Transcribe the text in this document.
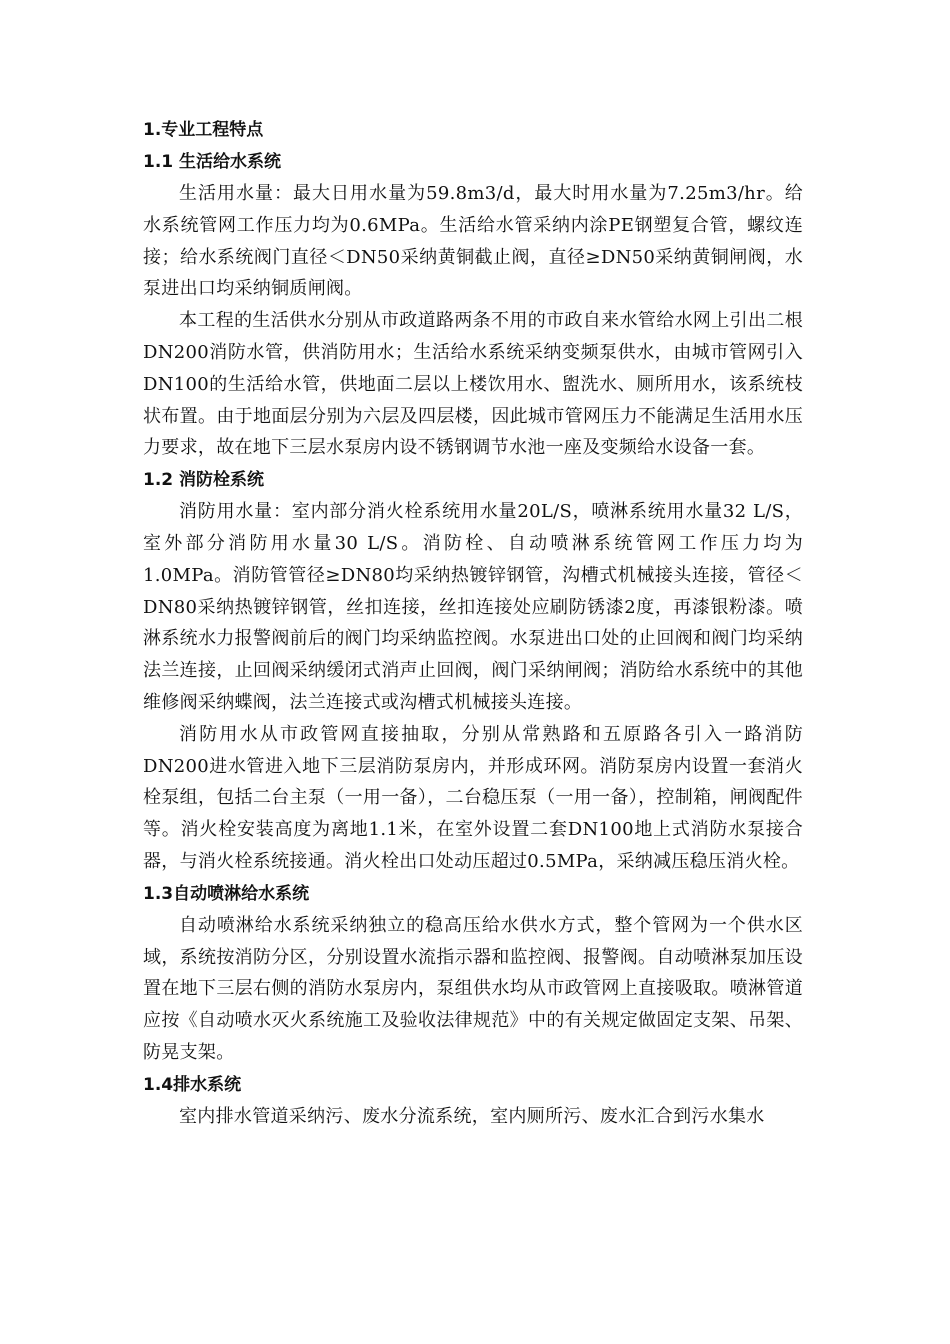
1.专业工程特点
1.1 生活给水系统

生活用水量：最大日用水量为59.8m3/d，最大时用水量为7.25m3/hr。给水系统管网工作压力均为0.6MPa。生活给水管采纳内涂PE钢塑复合管，螺纹连接；给水系统阀门直径＜DN50采纳黄铜截止阀，直径≥DN50采纳黄铜闸阀，水泵进出口均采纳铜质闸阀。

本工程的生活供水分别从市政道路两条不用的市政自来水管给水网上引出二根DN200消防水管，供消防用水；生活给水系统采纳变频泵供水，由城市管网引入DN100的生活给水管，供地面二层以上楼饮用水、盥洗水、厕所用水，该系统枝状布置。由于地面层分别为六层及四层楼，因此城市管网压力不能满足生活用水压力要求，故在地下三层水泵房内设不锈钢调节水池一座及变频给水设备一套。

1.2 消防栓系统

消防用水量：室内部分消火栓系统用水量20L/S，喷淋系统用水量32 L/S，室外部分消防用水量30 L/S。消防栓、自动喷淋系统管网工作压力均为1.0MPa。消防管管径≥DN80均采纳热镀锌钢管，沟槽式机械接头连接，管径＜DN80采纳热镀锌钢管，丝扣连接，丝扣连接处应刷防锈漆2度，再漆银粉漆。喷淋系统水力报警阀前后的阀门均采纳监控阀。水泵进出口处的止回阀和阀门均采纳法兰连接，止回阀采纳缓闭式消声止回阀，阀门采纳闸阀；消防给水系统中的其他维修阀采纳蝶阀，法兰连接式或沟槽式机械接头连接。

消防用水从市政管网直接抽取，分别从常熟路和五原路各引入一路消防DN200进水管进入地下三层消防泵房内，并形成环网。消防泵房内设置一套消火栓泵组，包括二台主泵（一用一备），二台稳压泵（一用一备），控制箱，闸阀配件等。消火栓安装高度为离地1.1米，在室外设置二套DN100地上式消防水泵接合器，与消火栓系统接通。消火栓出口处动压超过0.5MPa，采纳减压稳压消火栓。

1.3自动喷淋给水系统

自动喷淋给水系统采纳独立的稳高压给水供水方式，整个管网为一个供水区域，系统按消防分区，分别设置水流指示器和监控阀、报警阀。自动喷淋泵加压设置在地下三层右侧的消防水泵房内，泵组供水均从市政管网上直接吸取。喷淋管道应按《自动喷水灭火系统施工及验收法律规范》中的有关规定做固定支架、吊架、防晃支架。

1.4排水系统

室内排水管道采纳污、废水分流系统，室内厕所污、废水汇合到污水集水
